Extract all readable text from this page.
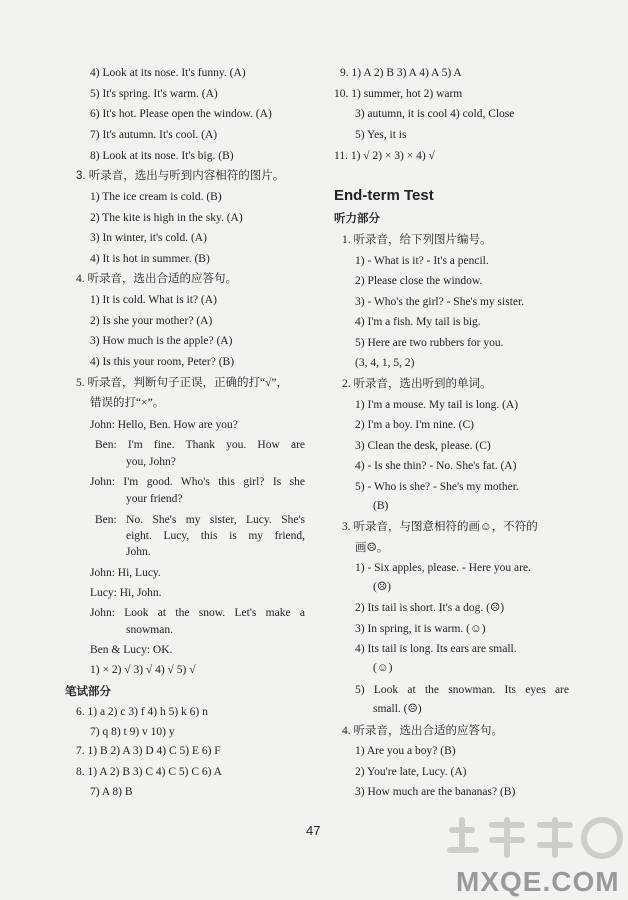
4) Look at its nose. It's funny. (A)
5) It's spring. It's warm. (A)
6) It's hot. Please open the window. (A)
7) It's autumn. It's cool. (A)
8) Look at its nose. It's big. (B)
3. 听录音，选出与听到内容相符的图片。
1) The ice cream is cold. (B)
2) The kite is high in the sky. (A)
3) In winter, it's cold. (A)
4) It is hot in summer. (B)
4. 听录音，选出合适的应答句。
1) It is cold. What is it? (A)
2) Is she your mother? (A)
3) How much is the apple? (A)
4) Is this your room, Peter? (B)
5. 听录音，判断句子正误，正确的打“√”，
错误的打“×”。
John: Hello, Ben. How are you?
Ben: I'm fine. Thank you. How are
you, John?
John: I'm good. Who's this girl? Is she
your friend?
Ben: No. She's my sister, Lucy. She's
eight. Lucy, this is my friend,
John.
John: Hi, Lucy.
Lucy: Hi, John.
John: Look at the snow. Let's make a
snowman.
Ben & Lucy: OK.
1) × 2) √ 3) √ 4) √ 5) √
笔试部分
6. 1) a 2) c 3) f 4) h 5) k 6) n
7) q 8) t 9) v 10) y
7. 1) B 2) A 3) D 4) C 5) E 6) F
8. 1) A 2) B 3) C 4) C 5) C 6) A
7) A 8) B
9. 1) A 2) B 3) A 4) A 5) A
10. 1) summer, hot 2) warm
3) autumn, it is cool 4) cold, Close
5) Yes, it is
11. 1) √ 2) × 3) × 4) √
End-term Test
听力部分
1. 听录音，给下列图片编号。
1) - What is it? - It's a pencil.
2) Please close the window.
3) - Who's the girl? - She's my sister.
4) I'm a fish. My tail is big.
5) Here are two rubbers for you.
(3, 4, 1, 5, 2)
2. 听录音，选出听到的单词。
1) I'm a mouse. My tail is long. (A)
2) I'm a boy. I'm nine. (C)
3) Clean the desk, please. (C)
4) - Is she thin? - No. She's fat. (A)
5) - Who is she? - She's my mother.
(B)
3. 听录音，与图意相符的画☺，不符的
画☹。
1) - Six apples, please. - Here you are.
(☹)
2) Its tail is short. It's a dog. (☹)
3) In spring, it is warm. (☺)
4) Its tail is long. Its ears are small.
(☺)
5) Look at the snowman. Its eyes are
small. (☹)
4. 听录音，选出合适的应答句。
1) Are you a boy? (B)
2) You're late, Lucy. (A)
3) How much are the bananas? (B)
47
MXQE.COM
